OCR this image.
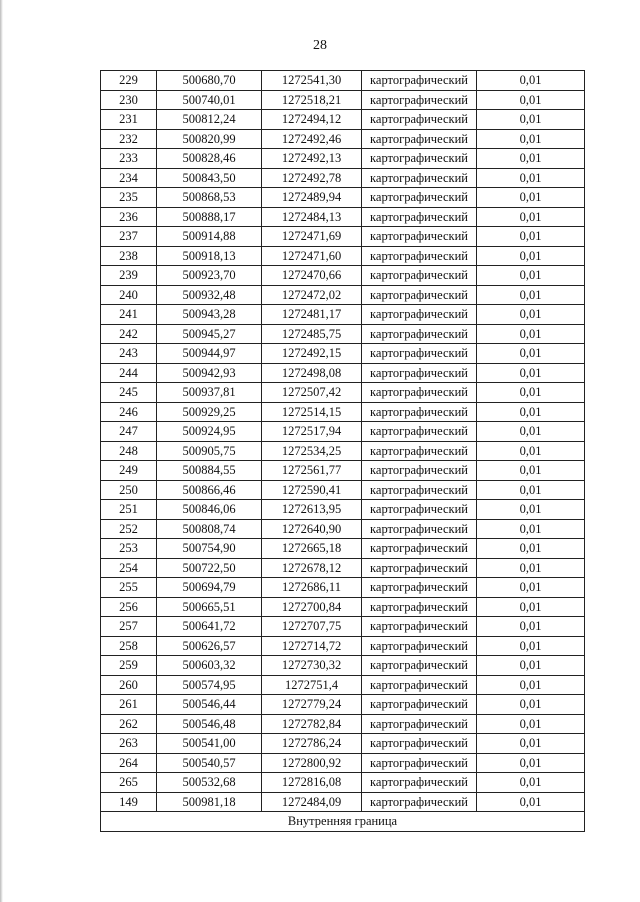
28
229	500680,70	1272541,30	картографический	0,01
230	500740,01	1272518,21	картографический	0,01
231	500812,24	1272494,12	картографический	0,01
232	500820,99	1272492,46	картографический	0,01
233	500828,46	1272492,13	картографический	0,01
234	500843,50	1272492,78	картографический	0,01
235	500868,53	1272489,94	картографический	0,01
236	500888,17	1272484,13	картографический	0,01
237	500914,88	1272471,69	картографический	0,01
238	500918,13	1272471,60	картографический	0,01
239	500923,70	1272470,66	картографический	0,01
240	500932,48	1272472,02	картографический	0,01
241	500943,28	1272481,17	картографический	0,01
242	500945,27	1272485,75	картографический	0,01
243	500944,97	1272492,15	картографический	0,01
244	500942,93	1272498,08	картографический	0,01
245	500937,81	1272507,42	картографический	0,01
246	500929,25	1272514,15	картографический	0,01
247	500924,95	1272517,94	картографический	0,01
248	500905,75	1272534,25	картографический	0,01
249	500884,55	1272561,77	картографический	0,01
250	500866,46	1272590,41	картографический	0,01
251	500846,06	1272613,95	картографический	0,01
252	500808,74	1272640,90	картографический	0,01
253	500754,90	1272665,18	картографический	0,01
254	500722,50	1272678,12	картографический	0,01
255	500694,79	1272686,11	картографический	0,01
256	500665,51	1272700,84	картографический	0,01
257	500641,72	1272707,75	картографический	0,01
258	500626,57	1272714,72	картографический	0,01
259	500603,32	1272730,32	картографический	0,01
260	500574,95	1272751,4	картографический	0,01
261	500546,44	1272779,24	картографический	0,01
262	500546,48	1272782,84	картографический	0,01
263	500541,00	1272786,24	картографический	0,01
264	500540,57	1272800,92	картографический	0,01
265	500532,68	1272816,08	картографический	0,01
149	500981,18	1272484,09	картографический	0,01
Внутренняя граница				
